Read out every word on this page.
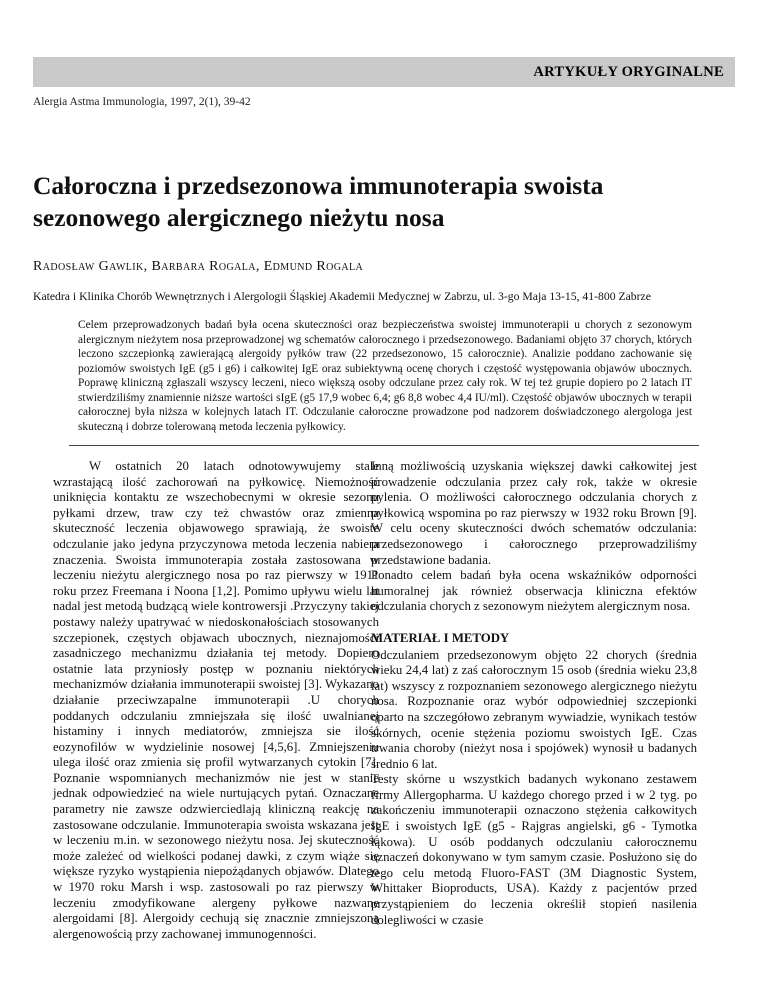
ARTYKUŁY ORYGINALNE
Alergia Astma Immunologia, 1997, 2(1), 39-42
Całoroczna i przedsezonowa immunoterapia swoista sezonowego alergicznego nieżytu nosa
Radosław Gawlik, Barbara Rogala, Edmund Rogala
Katedra i Klinika Chorób Wewnętrznych i Alergologii Śląskiej Akademii Medycznej w Zabrzu, ul. 3-go Maja 13-15, 41-800 Zabrze

Celem przeprowadzonych badań była ocena skuteczności oraz bezpieczeństwa swoistej immunoterapii u chorych z sezonowym alergicznym nieżytem nosa przeprowadzonej wg schematów całorocznego i przedsezonowego. Badaniami objęto 37 chorych, których leczono szczepionką zawierającą alergoidy pyłków traw (22 przedsezonowo, 15 całorocznie). Analizie poddano zachowanie się poziomów swoistych IgE (g5 i g6) i całkowitej IgE oraz subiektywną ocenę chorych i częstość występowania objawów ubocznych. Poprawę kliniczną zgłaszali wszyscy leczeni, nieco większą osoby odczulane przez cały rok. W tej też grupie dopiero po 2 latach IT stwierdziliśmy znamiennie niższe wartości sIgE (g5 17,9 wobec 6,4; g6 8,8 wobec 4,4 IU/ml). Częstość objawów ubocznych w terapii całorocznej była niższa w kolejnych latach IT. Odczulanie całoroczne prowadzone pod nadzorem doświadczonego alergologa jest skuteczną i dobrze tolerowaną metoda leczenia pyłkowicy.

W ostatnich 20 latach odnotowywujemy stale wzrastającą ilość zachorowań na pyłkowicę. Niemożność uniknięcia kontaktu ze wszechobecnymi w okresie sezonu pyłkami drzew, traw czy też chwastów oraz zmienna skuteczność leczenia objawowego sprawiają, że swoiste odczulanie jako jedyna przyczynowa metoda leczenia nabiera znaczenia. Swoista immunoterapia została zastosowana w leczeniu nieżytu alergicznego nosa po raz pierwszy w 1911 roku przez Freemana i Noona [1,2]. Pomimo upływu wielu lat nadal jest metodą budzącą wiele kontrowersji .Przyczyny takiej postawy należy upatrywać w niedoskonałościach stosowanych szczepionek, częstych objawach ubocznych, nieznajomości zasadniczego mechanizmu działania tej metody. Dopiero ostatnie lata przyniosły postęp w poznaniu niektórych mechanizmów działania immunoterapii swoistej [3]. Wykazano działanie przeciwzapalne immunoterapii .U chorych poddanych odczulaniu zmniejszała się ilość uwalnianej histaminy i innych mediatorów, zmniejsza sie ilość eozynofilów w wydzielinie nosowej [4,5,6]. Zmniejszeniu ulega ilość oraz zmienia się profil wytwarzanych cytokin [7]. Poznanie wspomnianych mechanizmów nie jest w stanie jednak odpowiedzieć na wiele nurtujących pytań. Oznaczane parametry nie zawsze odzwierciedlają kliniczną reakcję na zastosowane odczulanie. Immunoterapia swoista wskazana jest w leczeniu m.in. w sezonowego nieżytu nosa. Jej skuteczność może zależeć od wielkości podanej dawki, z czym wiąże się większe ryzyko wystąpienia niepożądanych objawów. Dlatego w 1970 roku Marsh i wsp. zastosowali po raz pierwszy w leczeniu zmodyfikowane alergeny pyłkowe nazwane alergoidami [8]. Alergoidy cechują się znacznie zmniejszoną alergenowością przy zachowanej immunogenności.

Inną możliwością uzyskania większej dawki całkowitej jest prowadzenie odczulania przez cały rok, także w okresie pylenia. O możliwości całorocznego odczulania chorych z pyłkowicą wspomina po raz pierwszy w 1932 roku Brown [9]. W celu oceny skuteczności dwóch schematów odczulania: przedsezonowego i całorocznego przeprowadziliśmy przedstawione badania.

Ponadto celem badań była ocena wskaźników odporności humoralnej jak również obserwacja kliniczna efektów odczulania chorych z sezonowym nieżytem alergicznym nosa.

MATERIAŁ I METODY

Odczulaniem przedsezonowym objęto 22 chorych (średnia wieku 24,4 lat) z zaś całorocznym 15 osob (średnia wieku 23,8 lat) wszyscy z rozpoznaniem sezonowego alergicznego nieżytu nosa. Rozpoznanie oraz wybór odpowiedniej szczepionki oparto na szczegółowo zebranym wywiadzie, wynikach testów skórnych, ocenie stężenia poziomu swoistych IgE. Czas trwania choroby (nieżyt nosa i spojówek) wynosił u badanych średnio 6 lat.

Testy skórne u wszystkich badanych wykonano zestawem firmy Allergopharma. U każdego chorego przed i w 2 tyg. po zakończeniu immunoterapii oznaczono stężenia całkowitych IgE i swoistych IgE (g5 - Rajgras angielski, g6 - Tymotka łąkowa). U osób poddanych odczulaniu całorocznemu oznaczeń dokonywano w tym samym czasie. Posłużono się do tego celu metodą Fluoro-FAST (3M Diagnostic System, Whittaker Bioproducts, USA). Każdy z pacjentów przed przystąpieniem do leczenia określił stopień nasilenia dolegliwości w czasie
